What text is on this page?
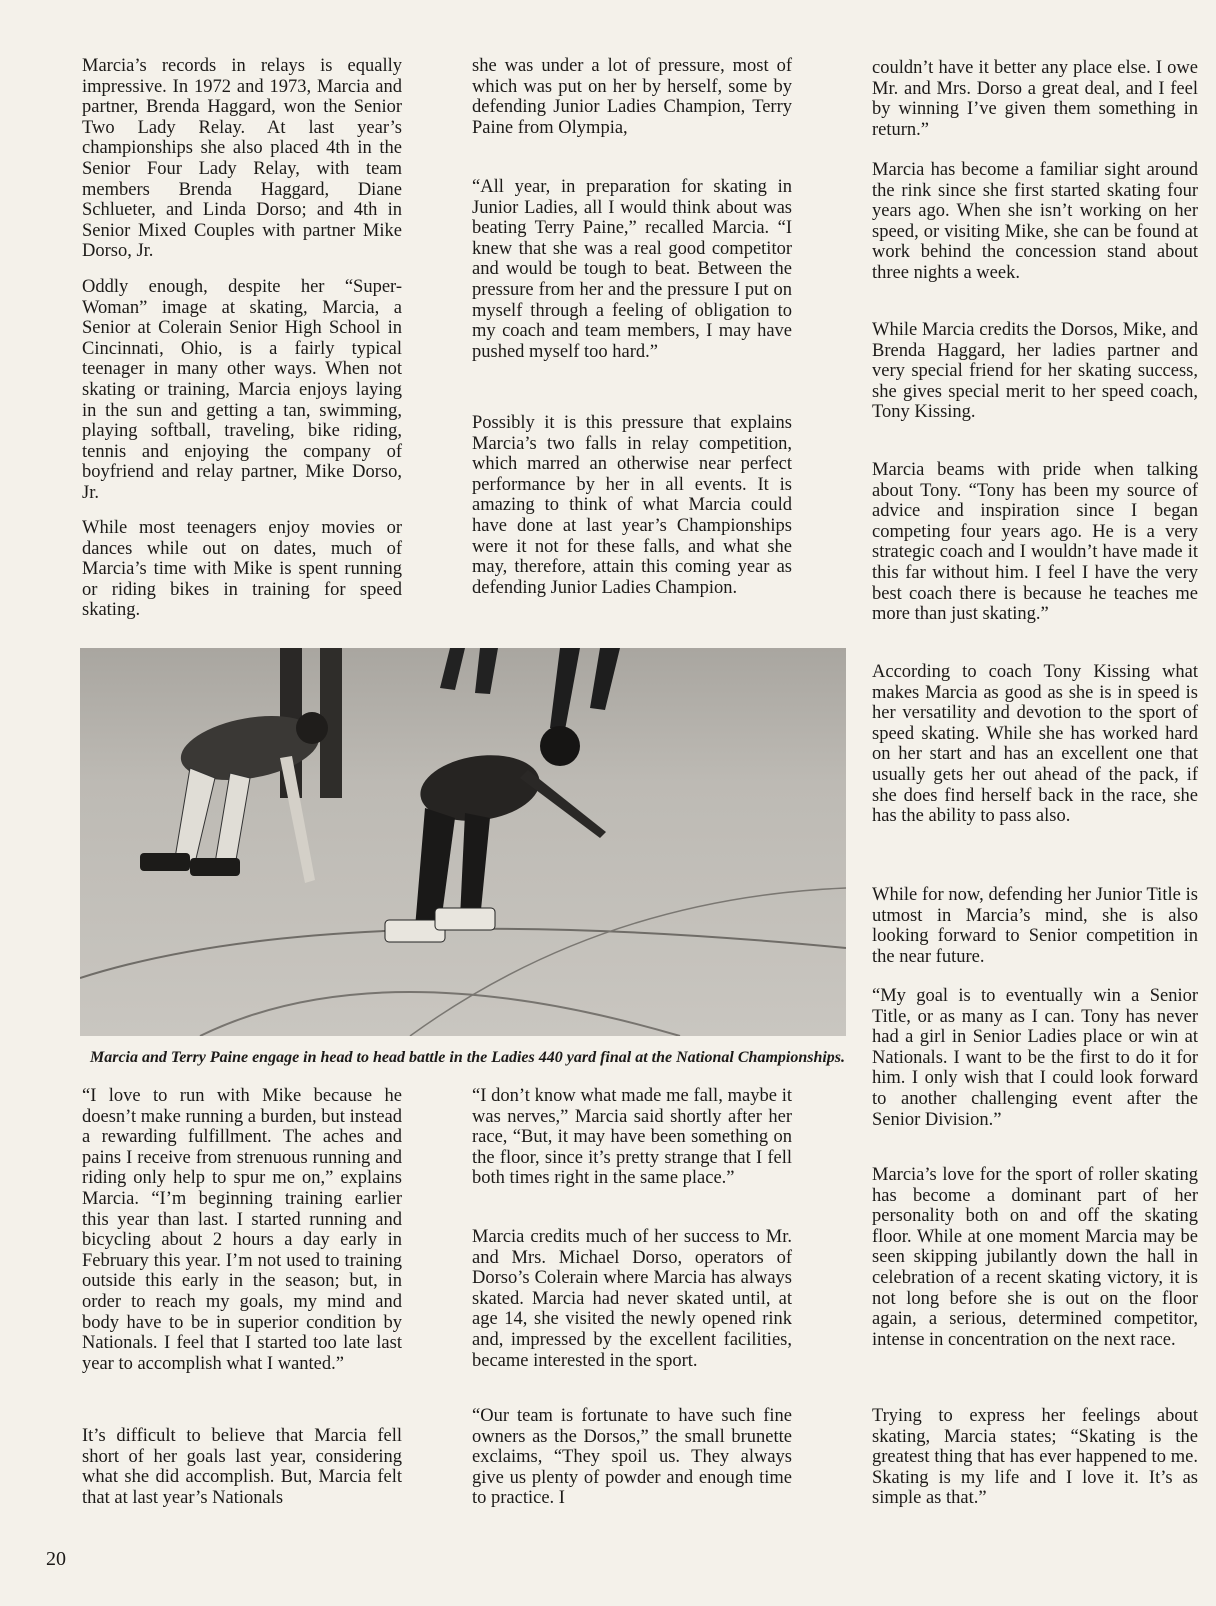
Marcia’s records in relays is equally impressive. In 1972 and 1973, Marcia and partner, Brenda Haggard, won the Senior Two Lady Relay. At last year’s championships she also placed 4th in the Senior Four Lady Relay, with team members Brenda Haggard, Diane Schlueter, and Linda Dorso; and 4th in Senior Mixed Couples with partner Mike Dorso, Jr.

Oddly enough, despite her “Super-Woman” image at skating, Marcia, a Senior at Colerain Senior High School in Cincinnati, Ohio, is a fairly typical teenager in many other ways. When not skating or training, Marcia enjoys laying in the sun and getting a tan, swimming, playing softball, traveling, bike riding, tennis and enjoying the company of boyfriend and relay partner, Mike Dorso, Jr.

While most teenagers enjoy movies or dances while out on dates, much of Marcia’s time with Mike is spent running or riding bikes in training for speed skating.

“I love to run with Mike because he doesn’t make running a burden, but instead a rewarding fulfillment. The aches and pains I receive from strenuous running and riding only help to spur me on,” explains Marcia. “I’m beginning training earlier this year than last. I started running and bicycling about 2 hours a day early in February this year. I’m not used to training outside this early in the season; but, in order to reach my goals, my mind and body have to be in superior condition by Nationals. I feel that I started too late last year to accomplish what I wanted.”

It’s difficult to believe that Marcia fell short of her goals last year, considering what she did accomplish. But, Marcia felt that at last year’s Nationals

she was under a lot of pressure, most of which was put on her by herself, some by defending Junior Ladies Champion, Terry Paine from Olympia,

“All year, in preparation for skating in Junior Ladies, all I would think about was beating Terry Paine,” recalled Marcia. “I knew that she was a real good competitor and would be tough to beat. Between the pressure from her and the pressure I put on myself through a feeling of obligation to my coach and team members, I may have pushed myself too hard.”

Possibly it is this pressure that explains Marcia’s two falls in relay competition, which marred an otherwise near perfect performance by her in all events. It is amazing to think of what Marcia could have done at last year’s Championships were it not for these falls, and what she may, therefore, attain this coming year as defending Junior Ladies Champion.

“I don’t know what made me fall, maybe it was nerves,” Marcia said shortly after her race, “But, it may have been something on the floor, since it’s pretty strange that I fell both times right in the same place.”

Marcia credits much of her success to Mr. and Mrs. Michael Dorso, operators of Dorso’s Colerain where Marcia has always skated. Marcia had never skated until, at age 14, she visited the newly opened rink and, impressed by the excellent facilities, became interested in the sport.

“Our team is fortunate to have such fine owners as the Dorsos,” the small brunette exclaims, “They spoil us. They always give us plenty of powder and enough time to practice. I

couldn’t have it better any place else. I owe Mr. and Mrs. Dorso a great deal, and I feel by winning I’ve given them something in return.”

Marcia has become a familiar sight around the rink since she first started skating four years ago. When she isn’t working on her speed, or visiting Mike, she can be found at work behind the concession stand about three nights a week.

While Marcia credits the Dorsos, Mike, and Brenda Haggard, her ladies partner and very special friend for her skating success, she gives special merit to her speed coach, Tony Kissing.

Marcia beams with pride when talking about Tony. “Tony has been my source of advice and inspiration since I began competing four years ago. He is a very strategic coach and I wouldn’t have made it this far without him. I feel I have the very best coach there is because he teaches me more than just skating.”

According to coach Tony Kissing what makes Marcia as good as she is in speed is her versatility and devotion to the sport of speed skating. While she has worked hard on her start and has an excellent one that usually gets her out ahead of the pack, if she does find herself back in the race, she has the ability to pass also.

While for now, defending her Junior Title is utmost in Marcia’s mind, she is also looking forward to Senior competition in the near future.

“My goal is to eventually win a Senior Title, or as many as I can. Tony has never had a girl in Senior Ladies place or win at Nationals. I want to be the first to do it for him. I only wish that I could look forward to another challenging event after the Senior Division.”

Marcia’s love for the sport of roller skating has become a dominant part of her personality both on and off the skating floor. While at one moment Marcia may be seen skipping jubilantly down the hall in celebration of a recent skating victory, it is not long before she is out on the floor again, a serious, determined competitor, intense in concentration on the next race.

Trying to express her feelings about skating, Marcia states; “Skating is the greatest thing that has ever happened to me. Skating is my life and I love it. It’s as simple as that.”

Marcia and Terry Paine engage in head to head battle in the Ladies 440 yard final at the National Championships.

20
